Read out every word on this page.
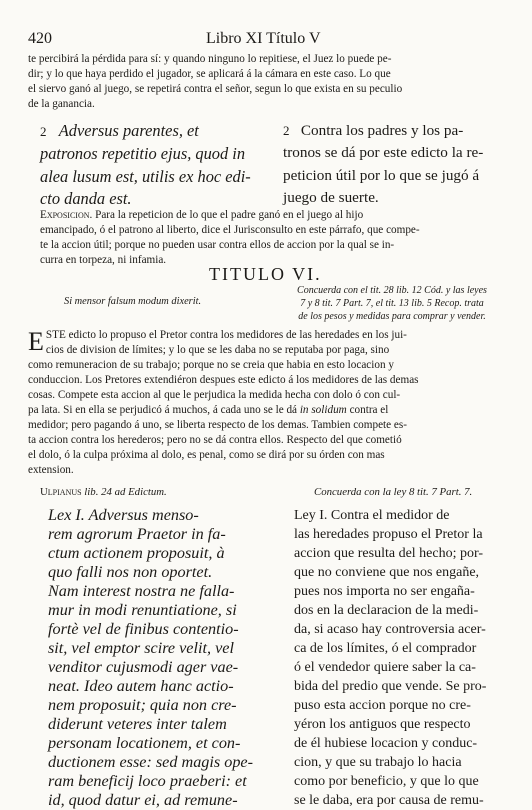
420	Libro XI Título V
te percibirá la pérdida para sí: y quando ninguno lo repitiese, el Juez lo puede pe-
dir; y lo que haya perdido el jugador, se aplicará á la cámara en este caso. Lo que
el siervo ganó al juego, se repetirá contra el señor, segun lo que exista en su peculio
de la ganancia.
2 Adversus parentes, et
patronos repetitio ejus, quod in
alea lusum est, utilis ex hoc edi-
cto danda est.
2 Contra los padres y los pa-
tronos se dá por este edicto la re-
peticion útil por lo que se jugó á
juego de suerte.
Exposicion. Para la repeticion de lo que el padre ganó en el juego al hijo
emancipado, ó el patrono al liberto, dice el Jurisconsulto en este párrafo, que compe-
te la accion útil; porque no pueden usar contra ellos de accion por la qual se in-
curra en torpeza, ni infamia.
TITULO VI.
Si mensor falsum modum dixerit.
Concuerda con el tit. 28 lib. 12 Cód. y las leyes
7 y 8 tit. 7 Part. 7, el tit. 13 lib. 5 Recop. trata
de los pesos y medidas para comprar y vender.
E STE edicto lo propuso el Pretor contra los medidores de las heredades en los jui-
cios de division de límites; y lo que se les daba no se reputaba por paga, sino
como remuneracion de su trabajo; porque no se creia que habia en esto locacion y
conduccion. Los Pretores extendiéron despues este edicto á los medidores de las demas
cosas. Compete esta accion al que le perjudica la medida hecha con dolo ó con cul-
pa lata. Si en ella se perjudicó á muchos, á cada uno se le dá in solidum contra el
medidor; pero pagando á uno, se liberta respecto de los demas. Tambien compete es-
ta accion contra los herederos; pero no se dá contra ellos. Respecto del que cometió
el dolo, ó la culpa próxima al dolo, es penal, como se dirá por su órden con mas
extension.
Ulpianus lib. 24 ad Edictum.	Concuerda con la ley 8 tit. 7 Part. 7.
Lex I. Adversus menso-
rem agrorum Praetor in fa-
ctum actionem proposuit, à
quo falli nos non oportet.
Nam interest nostra ne falla-
mur in modi renuntiatione, si
fortè vel de finibus contentio-
sit, vel emptor scire velit, vel
venditor cujusmodi ager vae-
neat. Ideo autem hanc actio-
nem proposuit; quia non cre-
diderunt veteres inter talem
personam locationem, et con-
ductionem esse: sed magis ope-
ram beneficij loco praeberi: et
id, quod datur ei, ad remune-
Ley I. Contra el medidor de
las heredades propuso el Pretor la
accion que resulta del hecho; por-
que no conviene que nos engañe,
pues nos importa no ser engaña-
dos en la declaracion de la medi-
da, si acaso hay controversia acer-
ca de los límites, ó el comprador
ó el vendedor quiere saber la ca-
bida del predio que vende. Se pro-
puso esta accion porque no cre-
yéron los antiguos que respecto
de él hubiese locacion y conduc-
cion, y que su trabajo lo hacia
como por beneficio, y que lo que
se le daba, era por causa de remu-
